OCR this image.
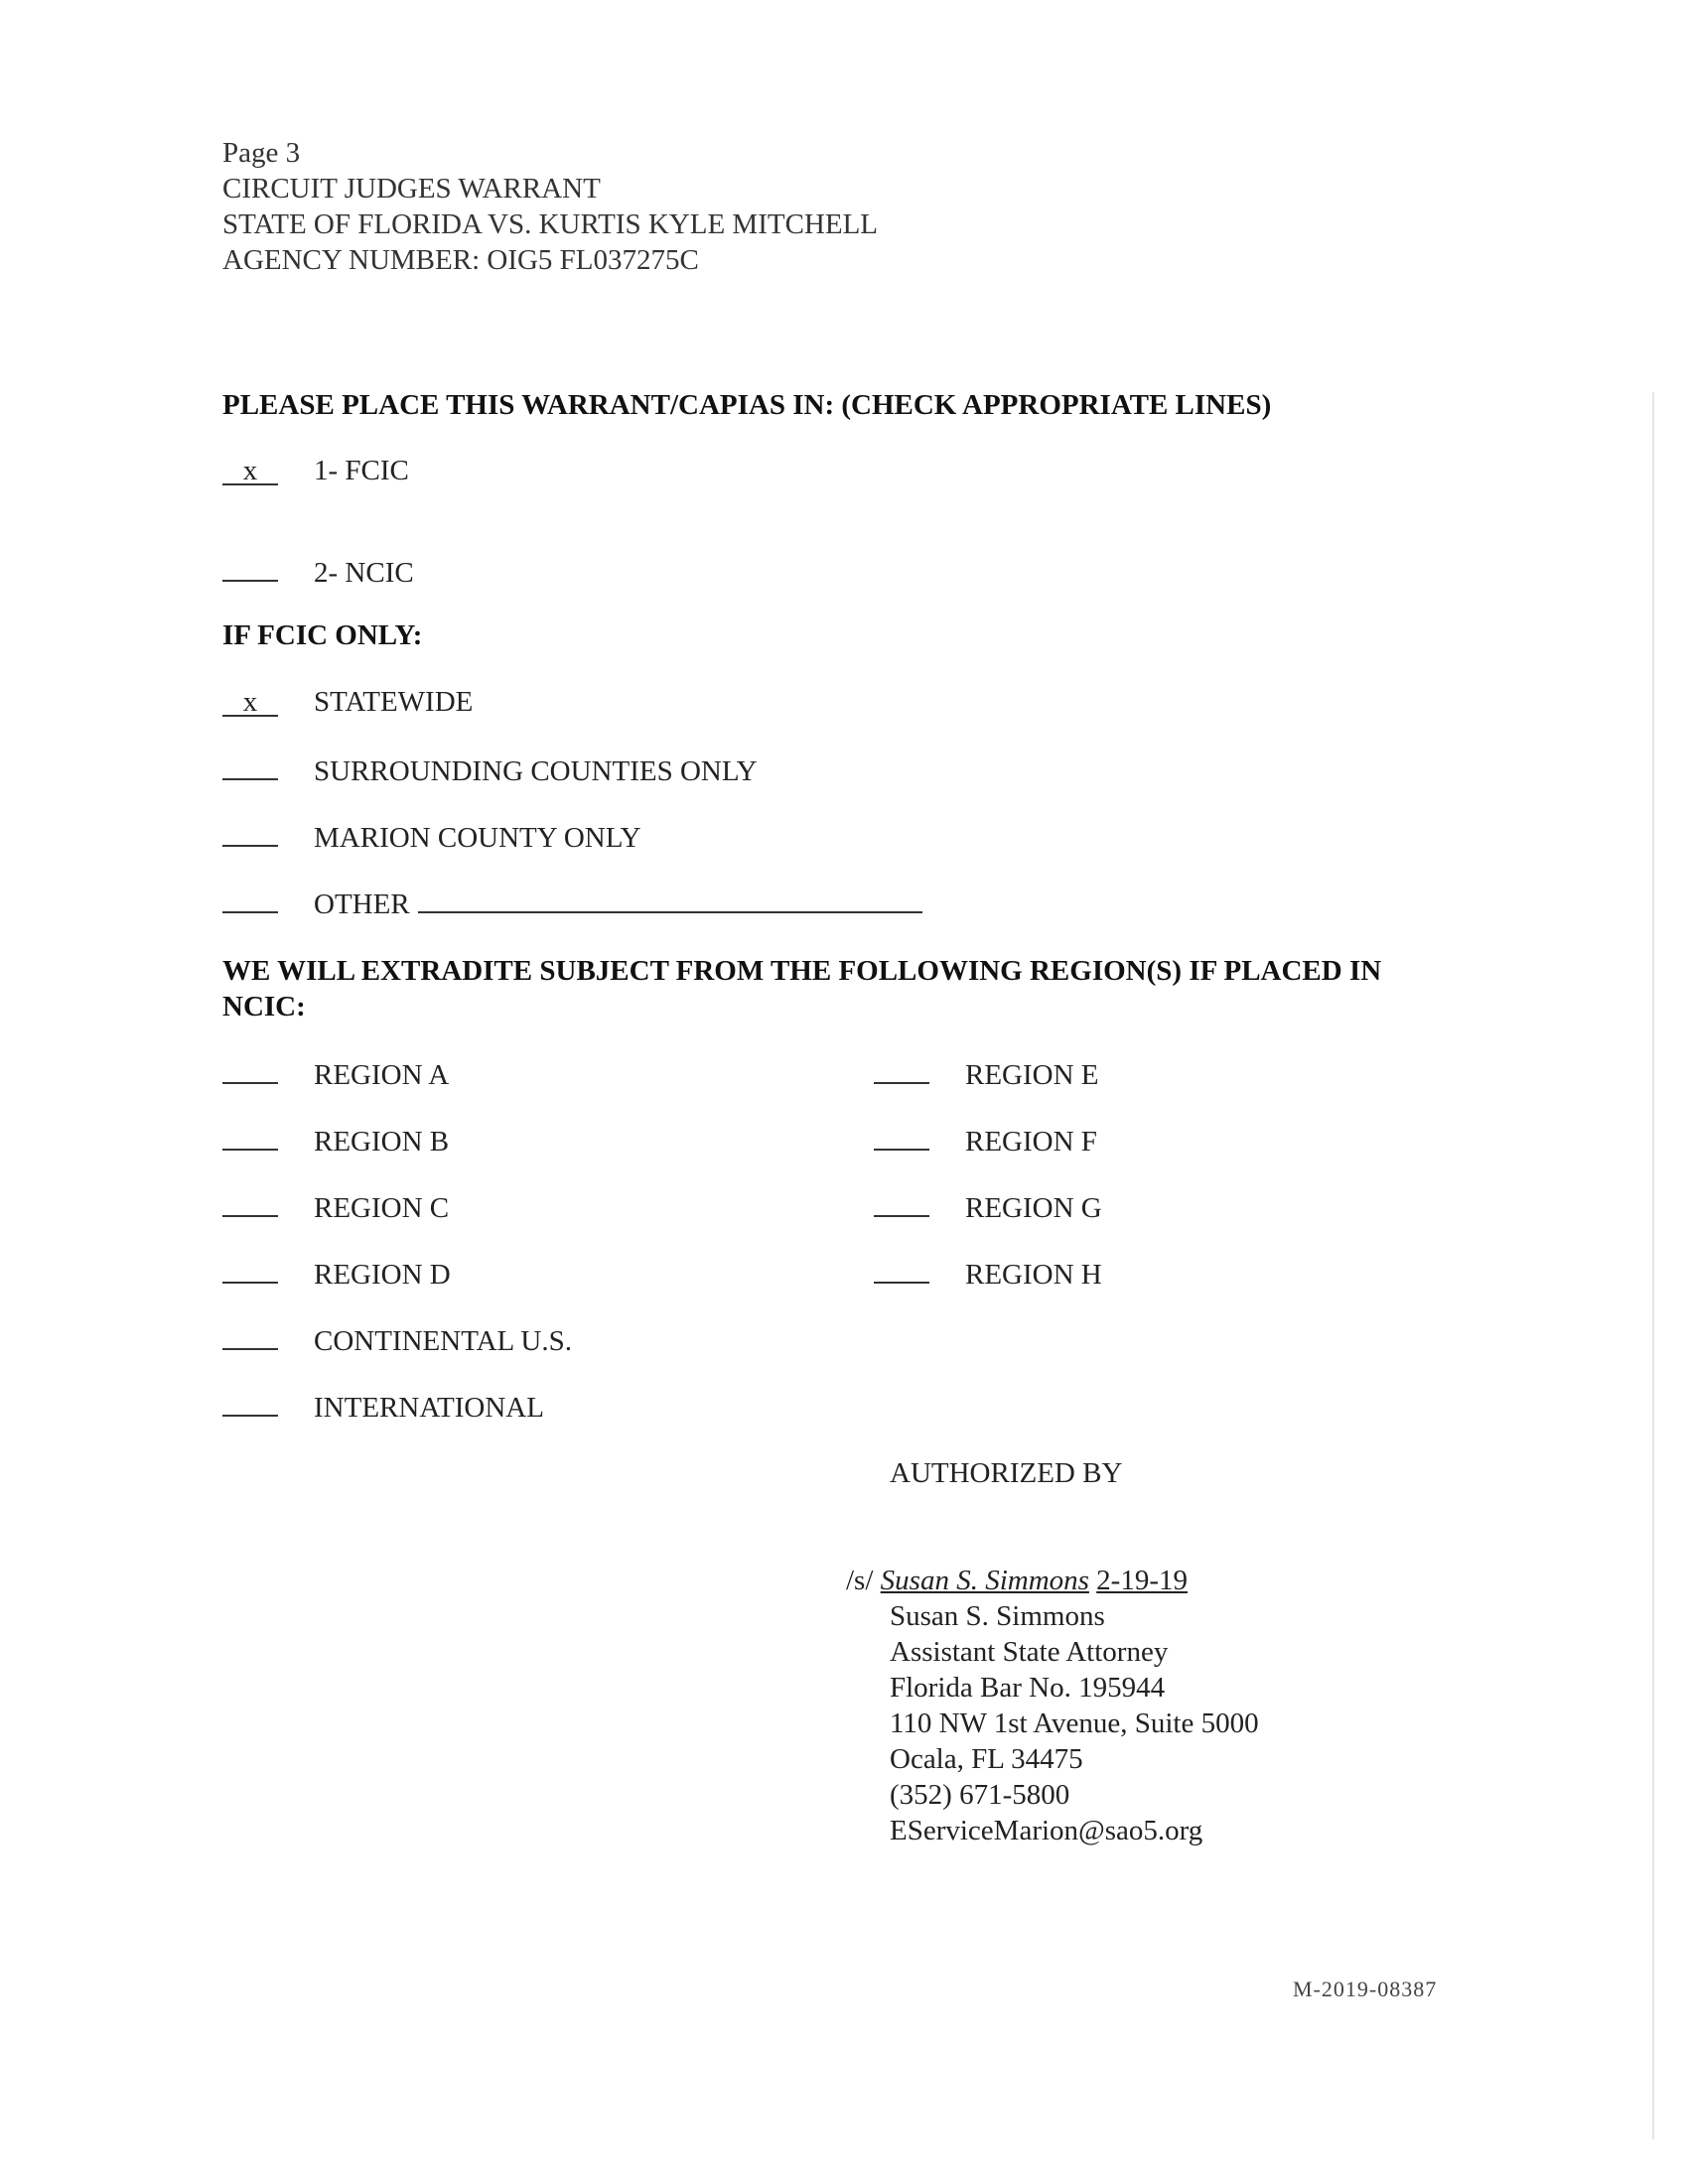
Page 3
CIRCUIT JUDGES WARRANT
STATE OF FLORIDA VS. KURTIS KYLE MITCHELL
AGENCY NUMBER: OIG5 FL037275C
PLEASE PLACE THIS WARRANT/CAPIAS IN: (CHECK APPROPRIATE LINES)
x 1- FCIC
2- NCIC
IF FCIC ONLY:
x STATEWIDE
SURROUNDING COUNTIES ONLY
MARION COUNTY ONLY
OTHER
WE WILL EXTRADITE SUBJECT FROM THE FOLLOWING REGION(S) IF PLACED IN
NCIC:
REGION A
REGION B
REGION C
REGION D
CONTINENTAL U.S.
INTERNATIONAL
REGION E
REGION F
REGION G
REGION H
AUTHORIZED BY
/s/ Susan S. Simmons 2-19-19
Susan S. Simmons
Assistant State Attorney
Florida Bar No. 195944
110 NW 1st Avenue, Suite 5000
Ocala, FL 34475
(352) 671-5800
EServiceMarion@sao5.org
M-2019-08387
